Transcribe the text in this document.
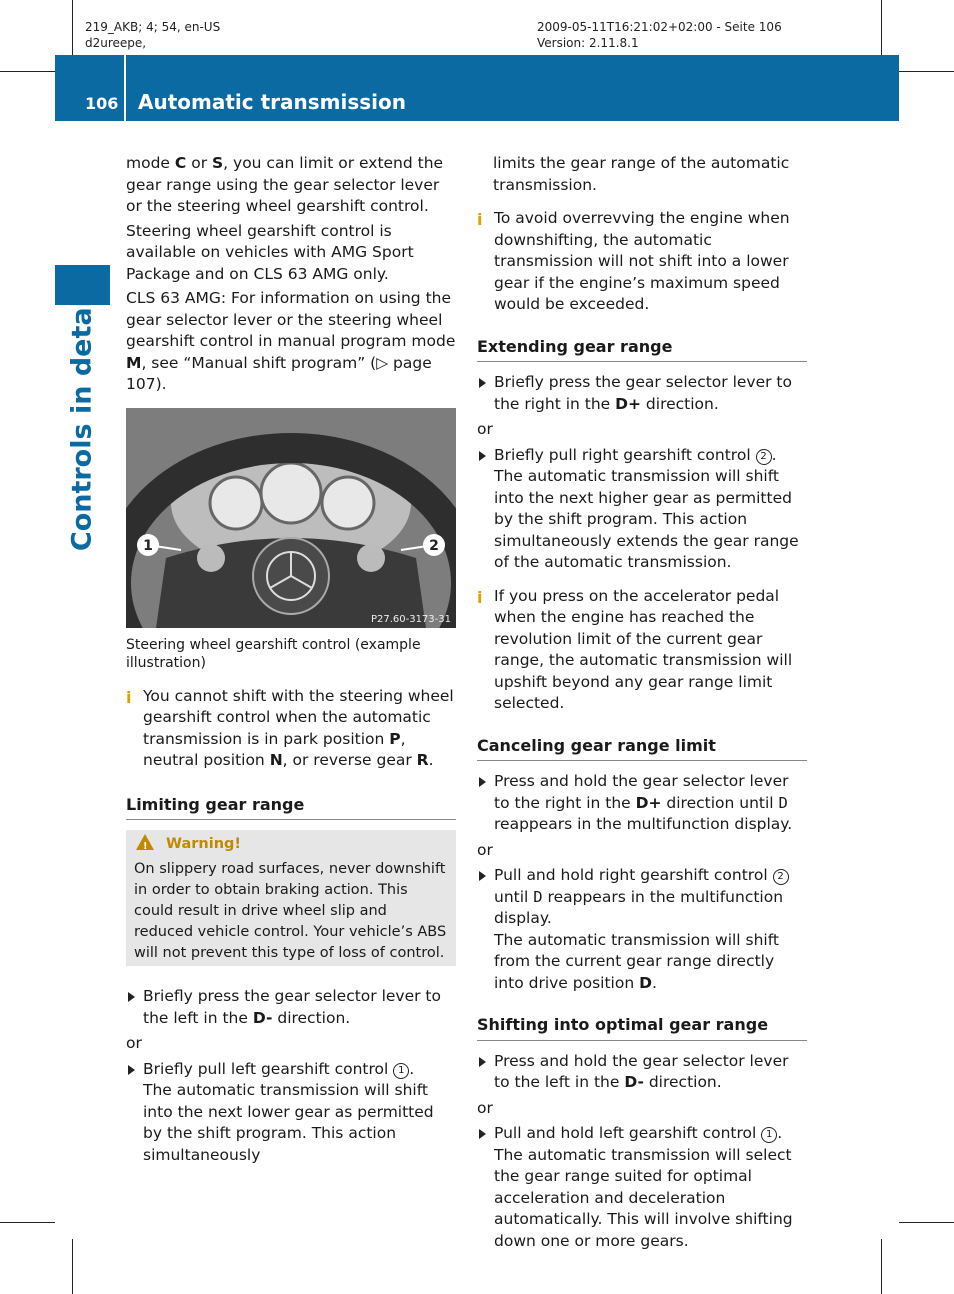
219_AKB; 4; 54, en-US
d2ureepe,
2009-05-11T16:21:02+02:00 - Seite 106
Version: 2.11.8.1
106 Automatic transmission
Controls in detail

mode C or S, you can limit or extend the gear range using the gear selector lever or the steering wheel gearshift control.

Steering wheel gearshift control is available on vehicles with AMG Sport Package and on CLS 63 AMG only.

CLS 63 AMG: For information on using the gear selector lever or the steering wheel gearshift control in manual program mode M, see “Manual shift program” (▷ page 107).

1	2
P27.60-3173-31
Steering wheel gearshift control (example illustration)
i You cannot shift with the steering wheel gearshift control when the automatic transmission is in park position P, neutral position N, or reverse gear R.
Limiting gear range
!
Warning!
On slippery road surfaces, never downshift in order to obtain braking action. This could result in drive wheel slip and reduced vehicle control. Your vehicle’s ABS will not prevent this type of loss of control.
Briefly press the gear selector lever to the left in the D- direction.

or

Briefly pull left gearshift control 1 .
The automatic transmission will shift into the next lower gear as permitted by the shift program. This action simultaneously

limits the gear range of the automatic transmission.

i To avoid overrevving the engine when downshifting, the automatic transmission will not shift into a lower gear if the engine’s maximum speed would be exceeded.
Extending gear range
Briefly press the gear selector lever to the right in the D+ direction.

or

Briefly pull right gearshift control 2 .
The automatic transmission will shift into the next higher gear as permitted by the shift program. This action simultaneously extends the gear range of the automatic transmission.
i If you press on the accelerator pedal when the engine has reached the revolution limit of the current gear range, the automatic transmission will upshift beyond any gear range limit selected.
Canceling gear range limit
Press and hold the gear selector lever to the right in the D+ direction until D reappears in the multifunction display.

or

Pull and hold right gearshift control 2 until D reappears in the multifunction display.
The automatic transmission will shift from the current gear range directly into drive position D.
Shifting into optimal gear range
Press and hold the gear selector lever to the left in the D- direction.

or

Pull and hold left gearshift control 1 .
The automatic transmission will select the gear range suited for optimal acceleration and deceleration automatically. This will involve shifting down one or more gears.
